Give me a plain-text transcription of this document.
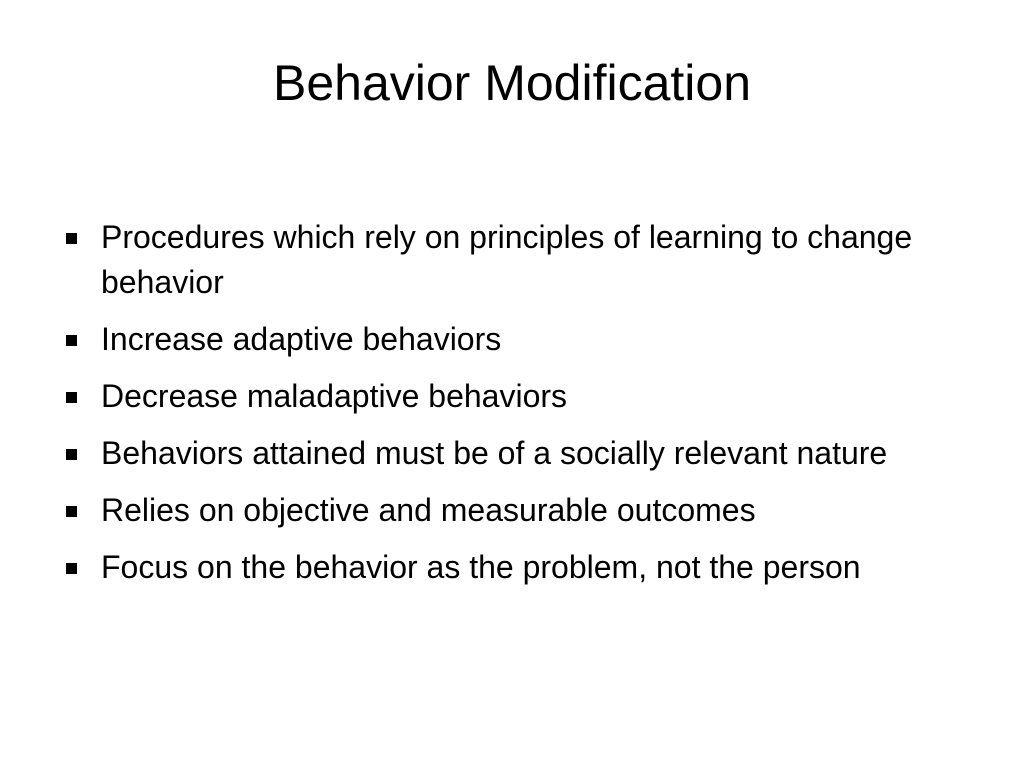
Behavior Modification
Procedures which rely on principles of learning to change behavior
Increase adaptive behaviors
Decrease maladaptive behaviors
Behaviors attained must be of a socially relevant nature
Relies on objective and measurable outcomes
Focus on the behavior as the problem, not the person
